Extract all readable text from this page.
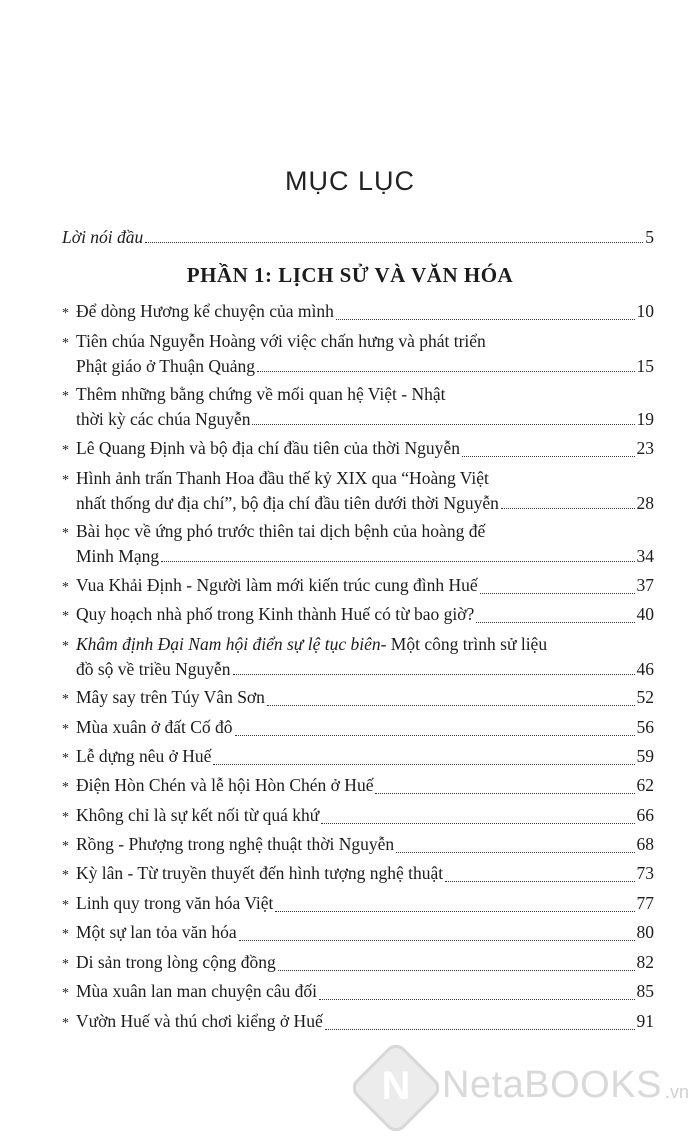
MỤC LỤC
Lời nói đầu	5
PHẦN 1: LỊCH SỬ VÀ VĂN HÓA
* Để dòng Hương kể chuyện của mình	10
* Tiên chúa Nguyễn Hoàng với việc chấn hưng và phát triển
Phật giáo ở Thuận Quảng	15
* Thêm những bằng chứng về mối quan hệ Việt - Nhật
thời kỳ các chúa Nguyễn	19
* Lê Quang Định và bộ địa chí đầu tiên của thời Nguyễn	23
* Hình ảnh trấn Thanh Hoa đầu thế kỷ XIX qua “Hoàng Việt
nhất thống dư địa chí”, bộ địa chí đầu tiên dưới thời Nguyễn	28
* Bài học về ứng phó trước thiên tai dịch bệnh của hoàng đế
Minh Mạng	34
* Vua Khải Định - Người làm mới kiến trúc cung đình Huế	37
* Quy hoạch nhà phố trong Kinh thành Huế có từ bao giờ?	40
* Khâm định Đại Nam hội điển sự lệ tục biên - Một công trình sử liệu
đồ sộ về triều Nguyễn	46
* Mây say trên Túy Vân Sơn	52
* Mùa xuân ở đất Cố đô	56
* Lễ dựng nêu ở Huế	59
* Điện Hòn Chén và lễ hội Hòn Chén ở Huế	62
* Không chỉ là sự kết nối từ quá khứ	66
* Rồng - Phượng trong nghệ thuật thời Nguyễn	68
* Kỳ lân - Từ truyền thuyết đến hình tượng nghệ thuật	73
* Linh quy trong văn hóa Việt	77
* Một sự lan tỏa văn hóa	80
* Di sản trong lòng cộng đồng	82
* Mùa xuân lan man chuyện câu đối	85
* Vườn Huế và thú chơi kiểng ở Huế	91
N NetaBOOKS .vn
